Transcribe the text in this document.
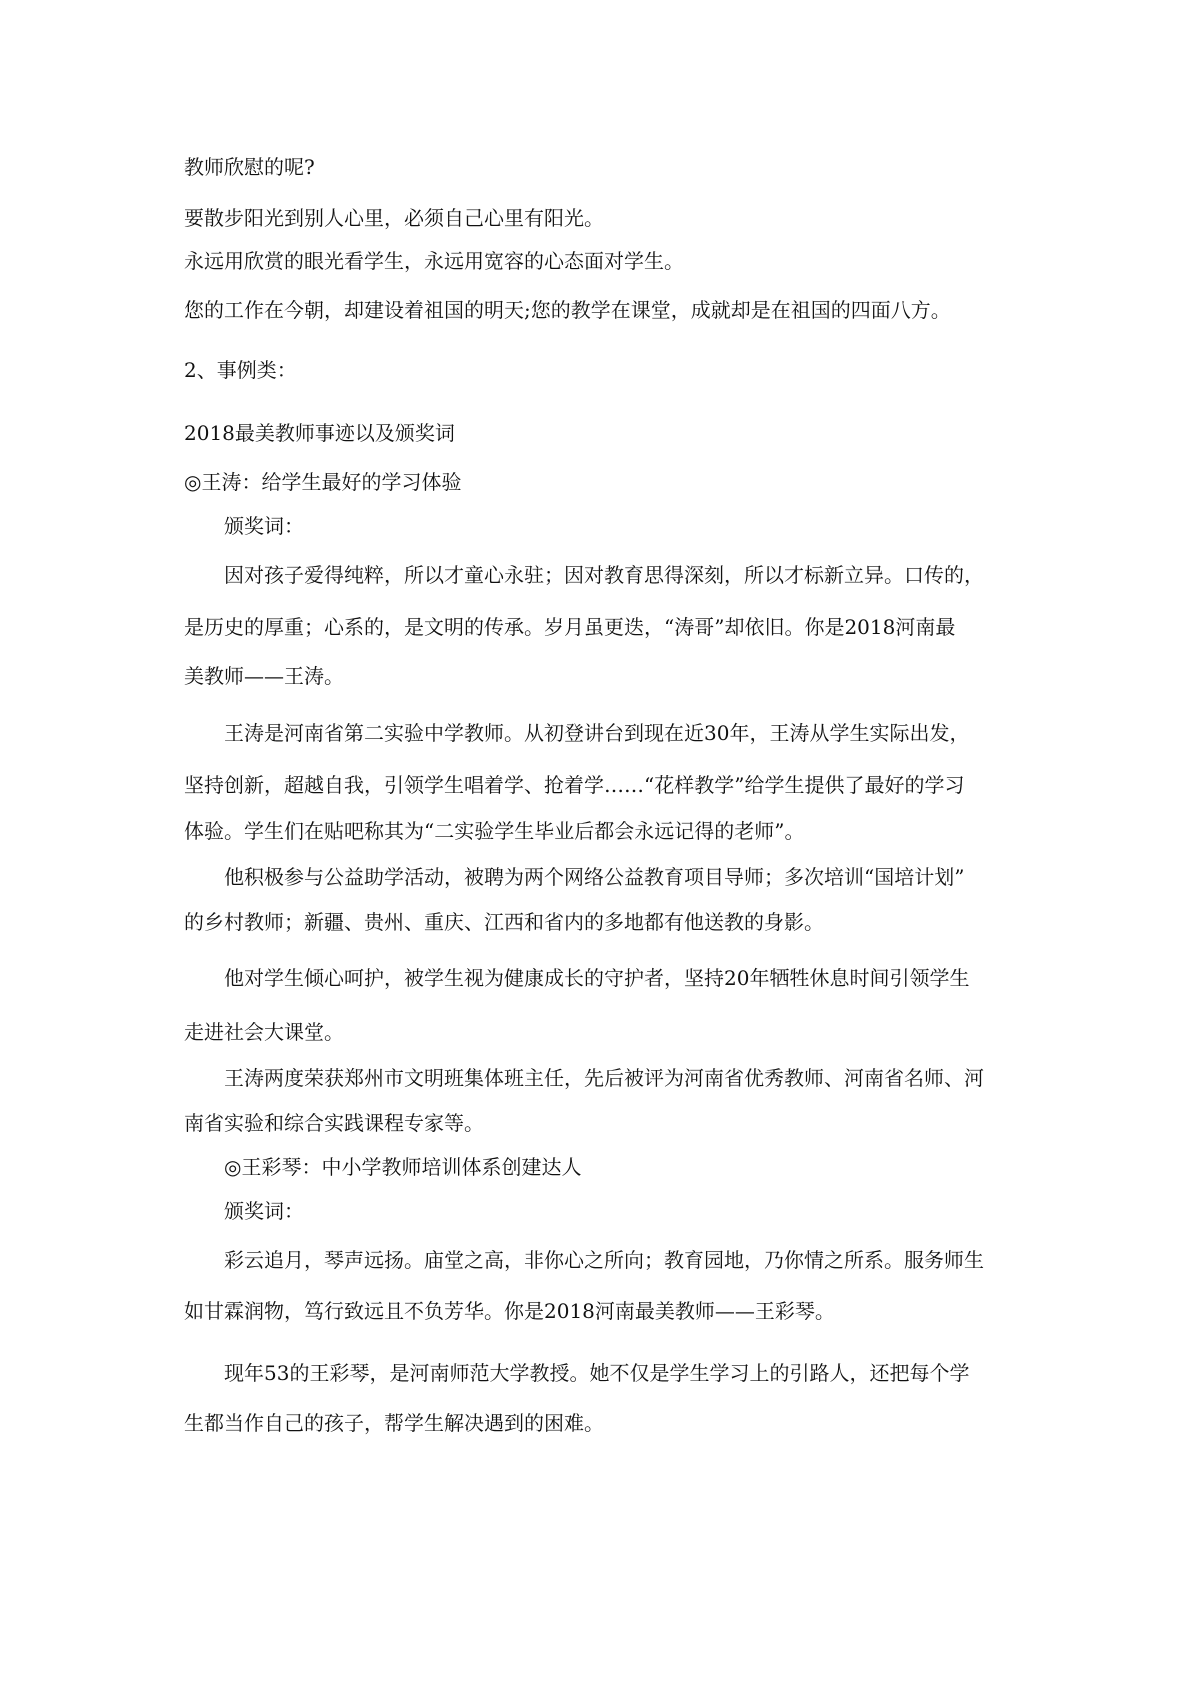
教师欣慰的呢?

要散步阳光到别人心里，必须自己心里有阳光。

永远用欣赏的眼光看学生，永远用宽容的心态面对学生。

您的工作在今朝，却建设着祖国的明天;您的教学在课堂，成就却是在祖国的四面八方。

2、事例类：

2018最美教师事迹以及颁奖词

◎王涛：给学生最好的学习体验

颁奖词：

因对孩子爱得纯粹，所以才童心永驻；因对教育思得深刻，所以才标新立异。口传的，

是历史的厚重；心系的，是文明的传承。岁月虽更迭，“涛哥”却依旧。你是2018河南最

美教师——王涛。

王涛是河南省第二实验中学教师。从初登讲台到现在近30年，王涛从学生实际出发，

坚持创新，超越自我，引领学生唱着学、抢着学……“花样教学”给学生提供了最好的学习

体验。学生们在贴吧称其为“二实验学生毕业后都会永远记得的老师”。

他积极参与公益助学活动，被聘为两个网络公益教育项目导师；多次培训“国培计划”

的乡村教师；新疆、贵州、重庆、江西和省内的多地都有他送教的身影。

他对学生倾心呵护，被学生视为健康成长的守护者，坚持20年牺牲休息时间引领学生

走进社会大课堂。

王涛两度荣获郑州市文明班集体班主任，先后被评为河南省优秀教师、河南省名师、河

南省实验和综合实践课程专家等。

◎王彩琴：中小学教师培训体系创建达人

颁奖词：

彩云追月，琴声远扬。庙堂之高，非你心之所向；教育园地，乃你情之所系。服务师生

如甘霖润物，笃行致远且不负芳华。你是2018河南最美教师——王彩琴。

现年53的王彩琴，是河南师范大学教授。她不仅是学生学习上的引路人，还把每个学

生都当作自己的孩子，帮学生解决遇到的困难。
